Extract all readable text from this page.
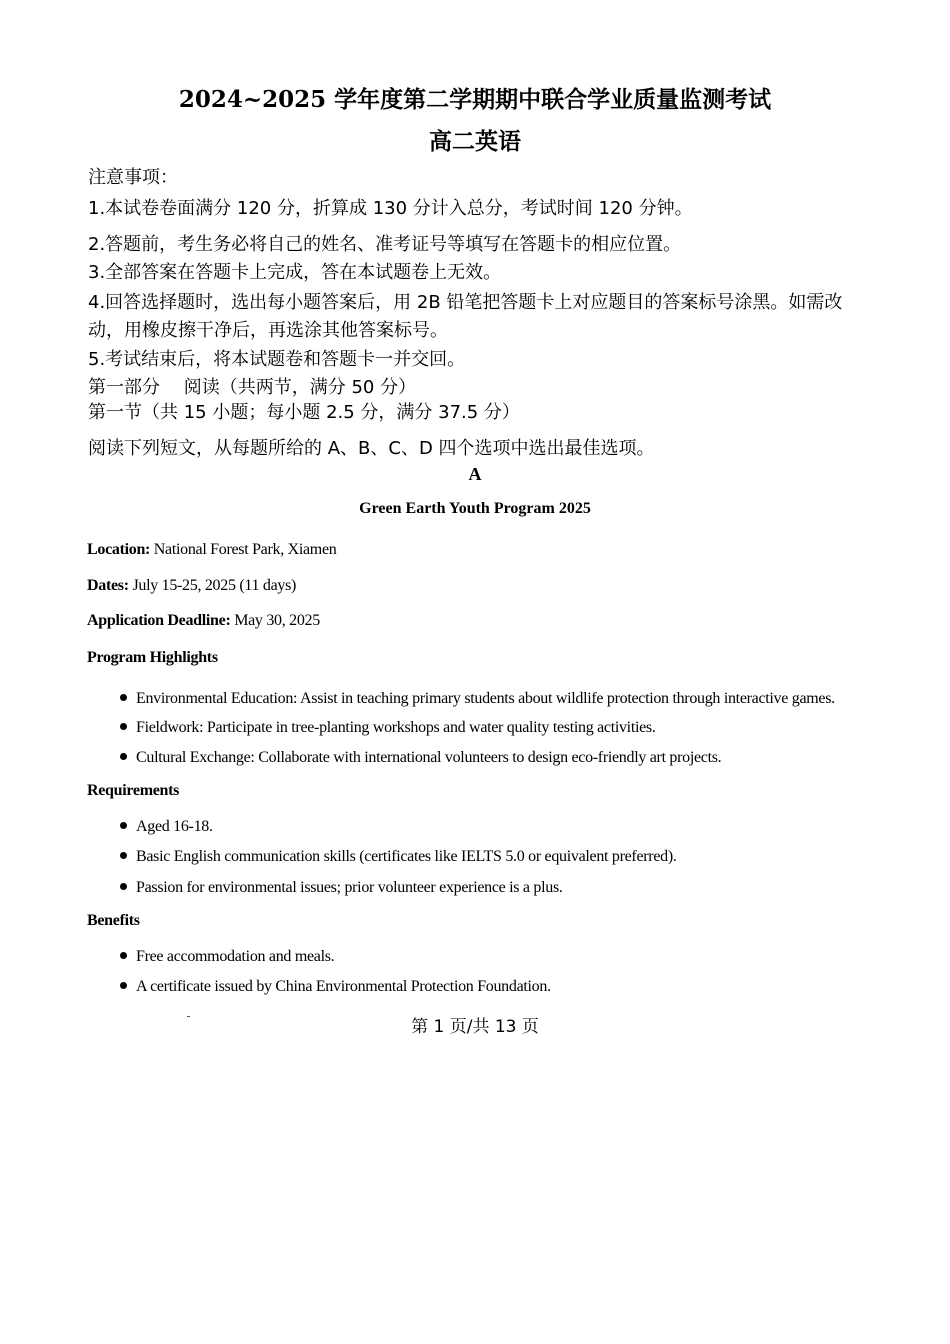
2024~2025 学年度第二学期期中联合学业质量监测考试
高二英语
注意事项：
1.本试卷卷面满分 120 分，折算成 130 分计入总分，考试时间 120 分钟。
2.答题前，考生务必将自己的姓名、准考证号等填写在答题卡的相应位置。
3.全部答案在答题卡上完成，答在本试题卷上无效。
4.回答选择题时，选出每小题答案后，用 2B 铅笔把答题卡上对应题目的答案标号涂黑。如需改动，用橡皮擦干净后，再选涂其他答案标号。
5.考试结束后，将本试题卷和答题卡一并交回。
第一部分　 阅读（共两节，满分 50 分）
第一节（共 15 小题；每小题 2.5 分，满分 37.5 分）
阅读下列短文，从每题所给的 A、B、C、D 四个选项中选出最佳选项。
A
Green Earth Youth Program 2025
Location: National Forest Park, Xiamen
Dates: July 15-25, 2025 (11 days)
Application Deadline: May 30, 2025
Program Highlights
Environmental Education: Assist in teaching primary students about wildlife protection through interactive games.
Fieldwork: Participate in tree-planting workshops and water quality testing activities.
Cultural Exchange: Collaborate with international volunteers to design eco-friendly art projects.
Requirements
Aged 16-18.
Basic English communication skills (certificates like IELTS 5.0 or equivalent preferred).
Passion for environmental issues; prior volunteer experience is a plus.
Benefits
Free accommodation and meals.
A certificate issued by China Environmental Protection Foundation.
第 1 页/共 13 页
